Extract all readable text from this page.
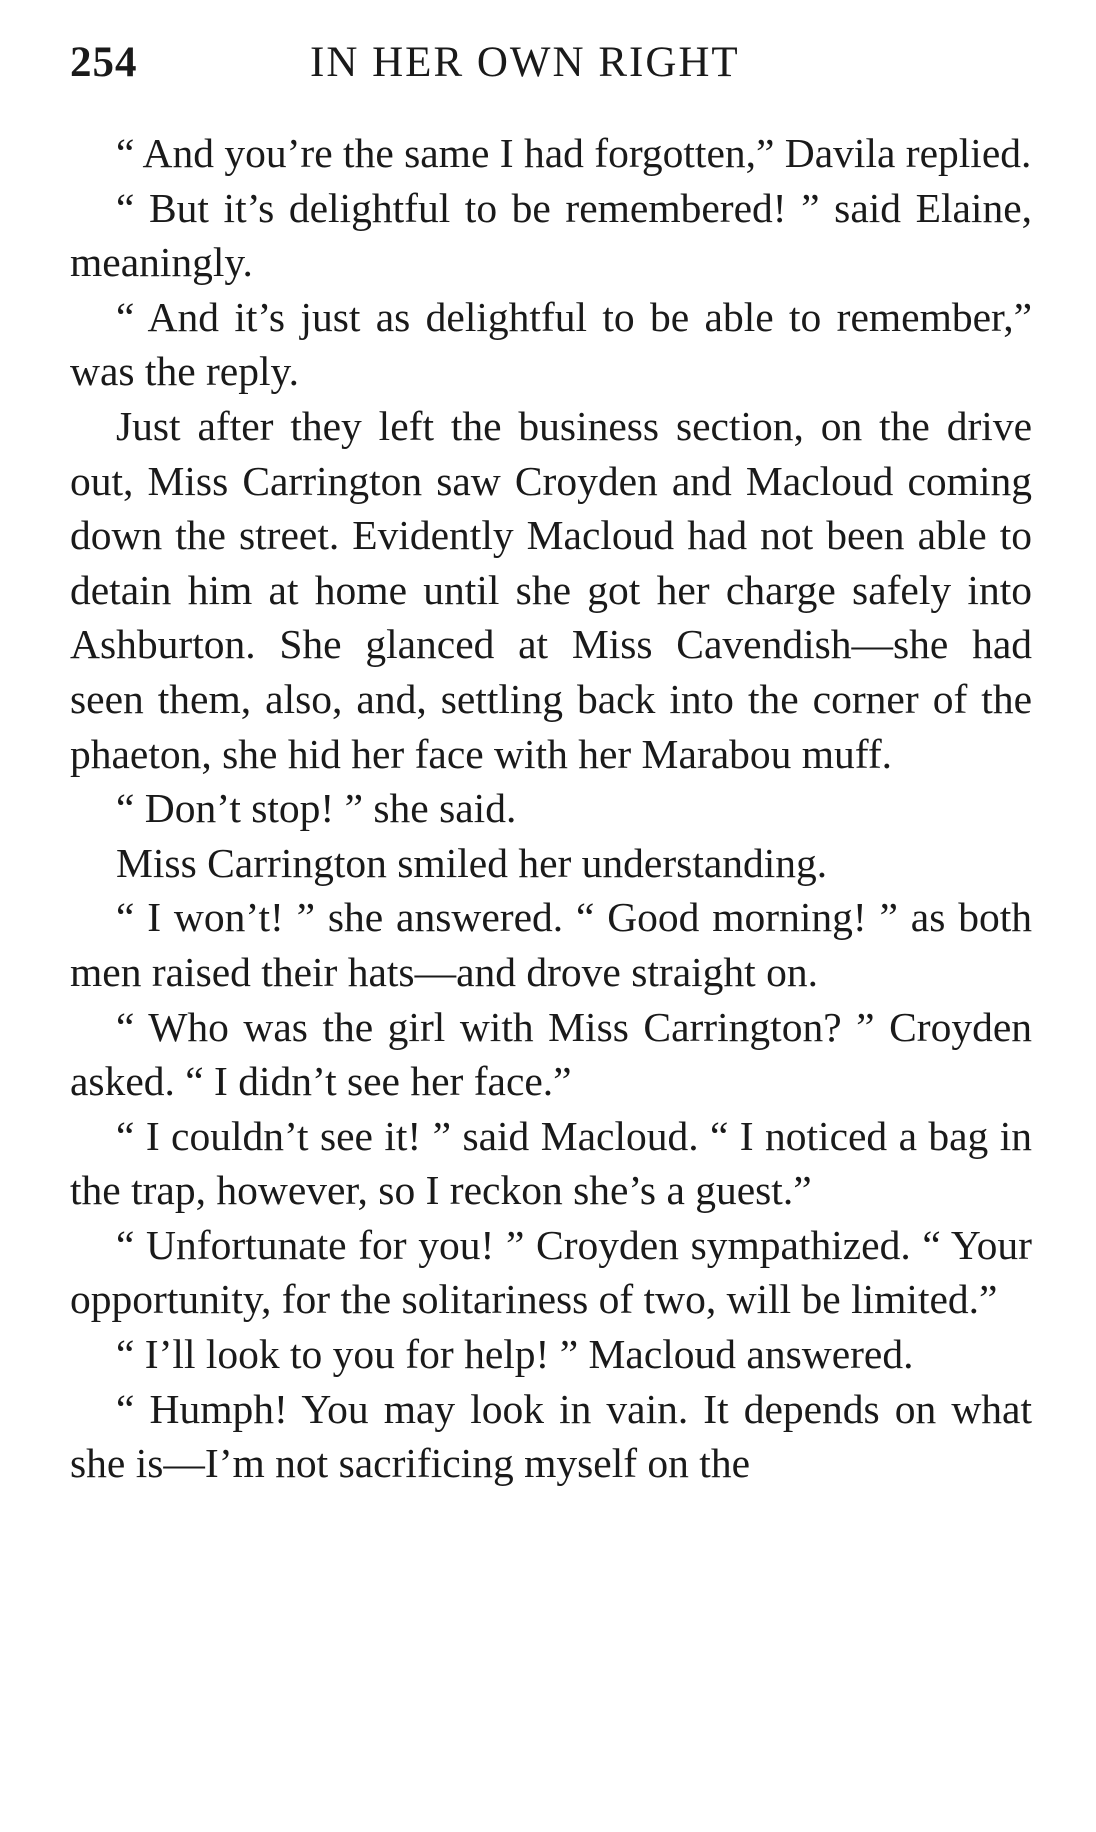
254	IN HER OWN RIGHT

“ And you’re the same I had forgotten,” Davila replied.

“ But it’s delightful to be remembered! ” said Elaine, meaningly.

“ And it’s just as delightful to be able to remember,” was the reply.

Just after they left the business section, on the drive out, Miss Carrington saw Croyden and Macloud coming down the street. Evidently Macloud had not been able to detain him at home until she got her charge safely into Ashburton. She glanced at Miss Cavendish—she had seen them, also, and, settling back into the corner of the phaeton, she hid her face with her Marabou muff.

“ Don’t stop! ” she said.

Miss Carrington smiled her understanding.

“ I won’t! ” she answered. “ Good morning! ” as both men raised their hats—and drove straight on.

“ Who was the girl with Miss Carrington? ” Croyden asked. “ I didn’t see her face.”

“ I couldn’t see it! ” said Macloud. “ I noticed a bag in the trap, however, so I reckon she’s a guest.”

“ Unfortunate for you! ” Croyden sympathized. “ Your opportunity, for the solitariness of two, will be limited.”

“ I’ll look to you for help! ” Macloud answered.

“ Humph! You may look in vain. It depends on what she is—I’m not sacrificing myself on the
